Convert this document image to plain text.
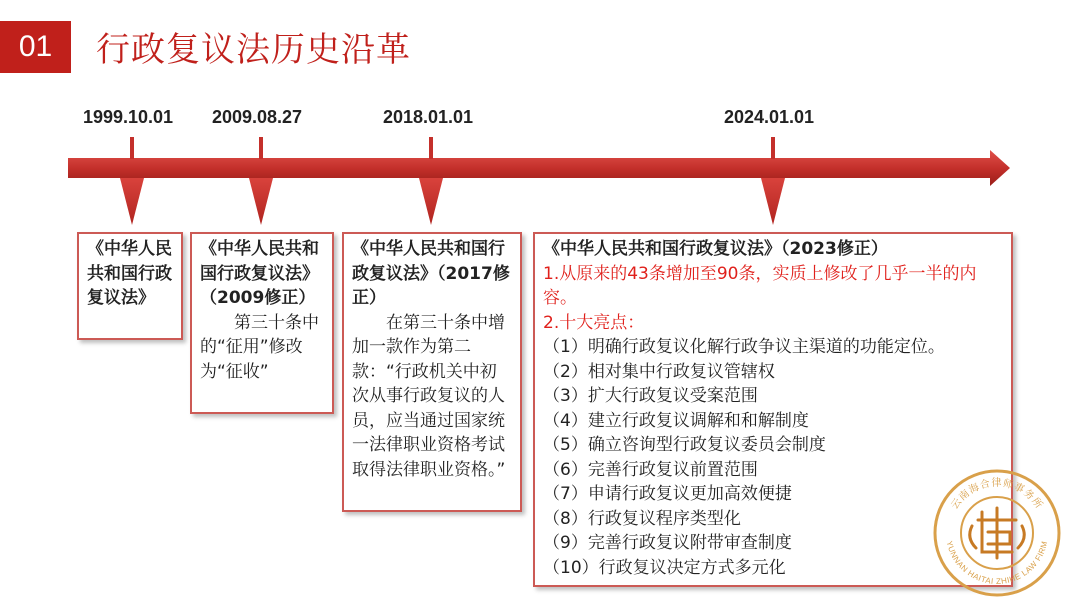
01	行政复议法历史沿革
1999.10.01 2009.08.27	2018.01.01	2024.01.01
《中华人民共和国行政复议法》
《中华人民共和国行政复议法》（2009修正）
第三十条中的“征用”修改为“征收”
《中华人民共和国行政复议法》（2017修正）
在第三十条中增加一款作为第二款：“行政机关中初次从事行政复议的人员，应当通过国家统一法律职业资格考试取得法律职业资格。”
《中华人民共和国行政复议法》（2023修正）
1.从原来的43条增加至90条，实质上修改了几乎一半的内容。
2.十大亮点：
（1）明确行政复议化解行政争议主渠道的功能定位。
（2）相对集中行政复议管辖权
（3）扩大行政复议受案范围
（4）建立行政复议调解和和解制度
（5）确立咨询型行政复议委员会制度
（6）完善行政复议前置范围
（7）申请行政复议更加高效便捷
（8）行政复议程序类型化
（9）完善行政复议附带审查制度
（10）行政复议决定方式多元化
云南海合律师事务所
YUNNAN HAITAI ZHIHE LAW FIRM
